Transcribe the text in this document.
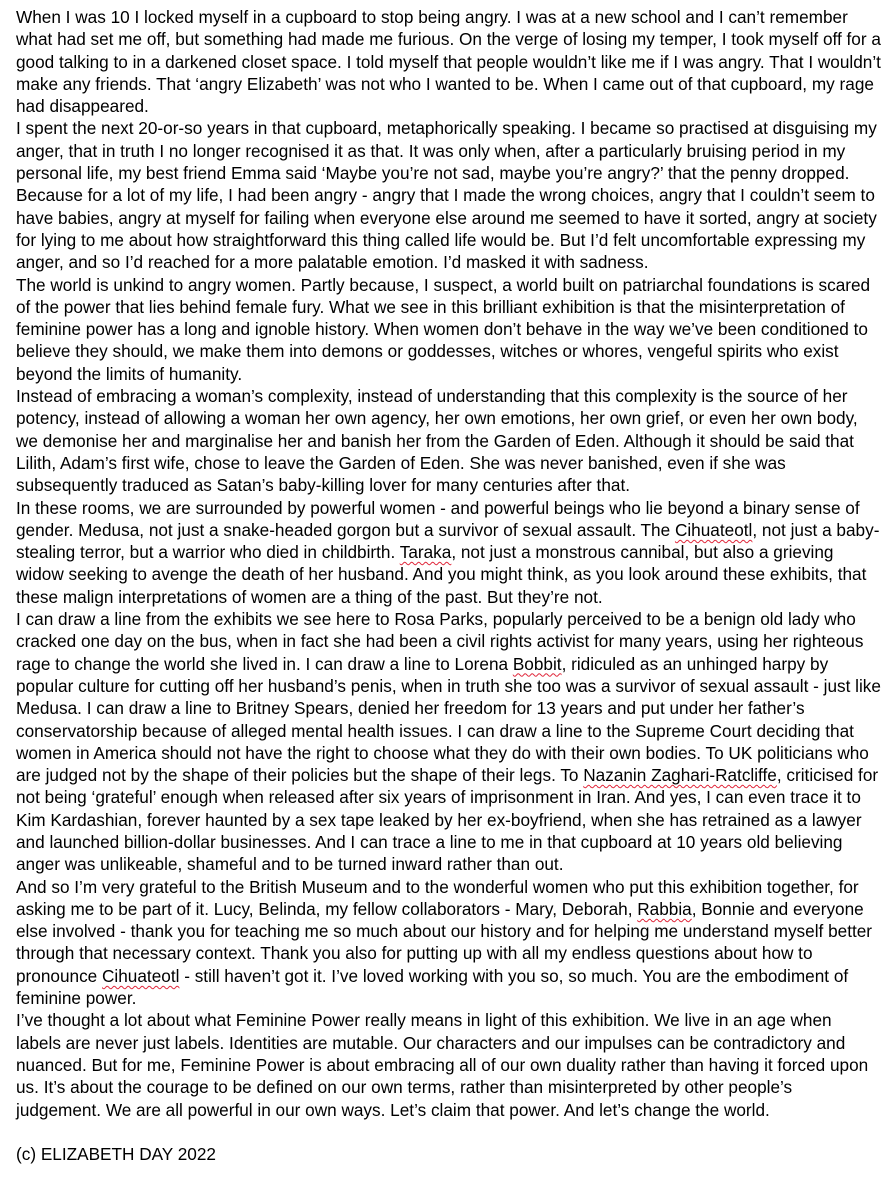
When I was 10 I locked myself in a cupboard to stop being angry. I was at a new school and I can’t remember what had set me off, but something had made me furious. On the verge of losing my temper, I took myself off for a good talking to in a darkened closet space. I told myself that people wouldn’t like me if I was angry. That I wouldn’t make any friends. That ‘angry Elizabeth’ was not who I wanted to be. When I came out of that cupboard, my rage had disappeared.
I spent the next 20-or-so years in that cupboard, metaphorically speaking. I became so practised at disguising my anger, that in truth I no longer recognised it as that. It was only when, after a particularly bruising period in my personal life, my best friend Emma said ‘Maybe you’re not sad, maybe you’re angry?’ that the penny dropped. Because for a lot of my life, I had been angry - angry that I made the wrong choices, angry that I couldn’t seem to have babies, angry at myself for failing when everyone else around me seemed to have it sorted, angry at society for lying to me about how straightforward this thing called life would be. But I’d felt uncomfortable expressing my anger, and so I’d reached for a more palatable emotion. I’d masked it with sadness.
The world is unkind to angry women. Partly because, I suspect, a world built on patriarchal foundations is scared of the power that lies behind female fury. What we see in this brilliant exhibition is that the misinterpretation of feminine power has a long and ignoble history. When women don’t behave in the way we’ve been conditioned to believe they should, we make them into demons or goddesses, witches or whores, vengeful spirits who exist beyond the limits of humanity.
Instead of embracing a woman’s complexity, instead of understanding that this complexity is the source of her potency, instead of allowing a woman her own agency, her own emotions, her own grief, or even her own body, we demonise her and marginalise her and banish her from the Garden of Eden. Although it should be said that Lilith, Adam’s first wife, chose to leave the Garden of Eden. She was never banished, even if she was subsequently traduced as Satan’s baby-killing lover for many centuries after that.
In these rooms, we are surrounded by powerful women - and powerful beings who lie beyond a binary sense of gender. Medusa, not just a snake-headed gorgon but a survivor of sexual assault. The Cihuateotl, not just a baby-stealing terror, but a warrior who died in childbirth. Taraka, not just a monstrous cannibal, but also a grieving widow seeking to avenge the death of her husband. And you might think, as you look around these exhibits, that these malign interpretations of women are a thing of the past. But they’re not.
I can draw a line from the exhibits we see here to Rosa Parks, popularly perceived to be a benign old lady who cracked one day on the bus, when in fact she had been a civil rights activist for many years, using her righteous rage to change the world she lived in. I can draw a line to Lorena Bobbit, ridiculed as an unhinged harpy by popular culture for cutting off her husband’s penis, when in truth she too was a survivor of sexual assault - just like Medusa. I can draw a line to Britney Spears, denied her freedom for 13 years and put under her father’s conservatorship because of alleged mental health issues. I can draw a line to the Supreme Court deciding that women in America should not have the right to choose what they do with their own bodies. To UK politicians who are judged not by the shape of their policies but the shape of their legs. To Nazanin Zaghari-Ratcliffe, criticised for not being ‘grateful’ enough when released after six years of imprisonment in Iran. And yes, I can even trace it to Kim Kardashian, forever haunted by a sex tape leaked by her ex-boyfriend, when she has retrained as a lawyer and launched billion-dollar businesses. And I can trace a line to me in that cupboard at 10 years old believing anger was unlikeable, shameful and to be turned inward rather than out.
And so I’m very grateful to the British Museum and to the wonderful women who put this exhibition together, for asking me to be part of it. Lucy, Belinda, my fellow collaborators - Mary, Deborah, Rabbia, Bonnie and everyone else involved - thank you for teaching me so much about our history and for helping me understand myself better through that necessary context. Thank you also for putting up with all my endless questions about how to pronounce Cihuateotl - still haven’t got it. I’ve loved working with you so, so much. You are the embodiment of feminine power.
I’ve thought a lot about what Feminine Power really means in light of this exhibition. We live in an age when labels are never just labels. Identities are mutable. Our characters and our impulses can be contradictory and nuanced. But for me, Feminine Power is about embracing all of our own duality rather than having it forced upon us. It’s about the courage to be defined on our own terms, rather than misinterpreted by other people’s judgement. We are all powerful in our own ways. Let’s claim that power. And let’s change the world.
(c) ELIZABETH DAY 2022
